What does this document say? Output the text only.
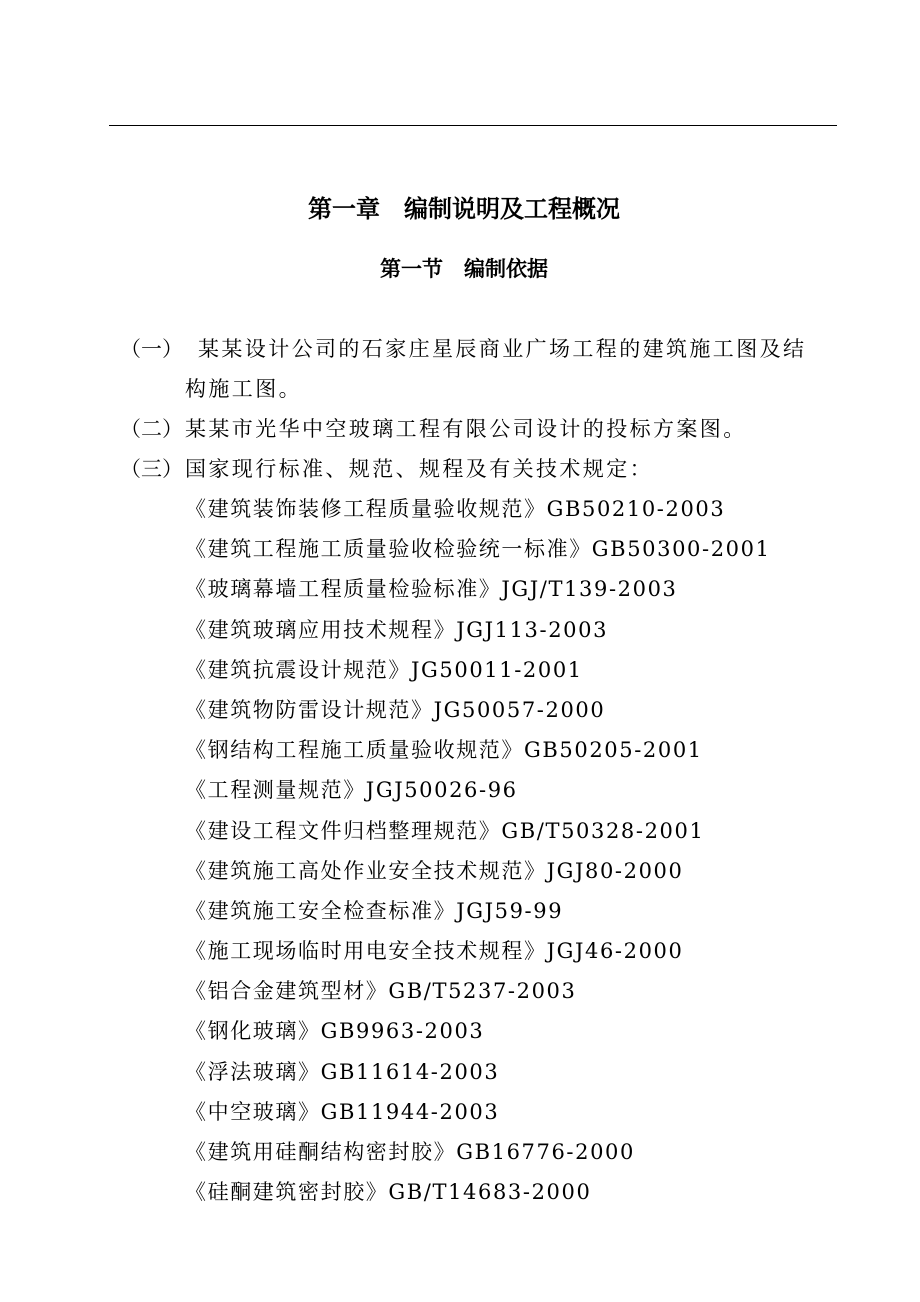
第一章　编制说明及工程概况
第一节　编制依据
（一） 某某设计公司的石家庄星辰商业广场工程的建筑施工图及结
构施工图。
（二） 某某市光华中空玻璃工程有限公司设计的投标方案图。
（三） 国家现行标准、规范、规程及有关技术规定：
《建筑装饰装修工程质量验收规范》GB50210-2003
《建筑工程施工质量验收检验统一标准》GB50300-2001
《玻璃幕墙工程质量检验标准》JGJ/T139-2003
《建筑玻璃应用技术规程》JGJ113-2003
《建筑抗震设计规范》JG50011-2001
《建筑物防雷设计规范》JG50057-2000
《钢结构工程施工质量验收规范》GB50205-2001
《工程测量规范》JGJ50026-96
《建设工程文件归档整理规范》GB/T50328-2001
《建筑施工高处作业安全技术规范》JGJ80-2000
《建筑施工安全检查标准》JGJ59-99
《施工现场临时用电安全技术规程》JGJ46-2000
《铝合金建筑型材》GB/T5237-2003
《钢化玻璃》GB9963-2003
《浮法玻璃》GB11614-2003
《中空玻璃》GB11944-2003
《建筑用硅酮结构密封胶》GB16776-2000
《硅酮建筑密封胶》GB/T14683-2000
